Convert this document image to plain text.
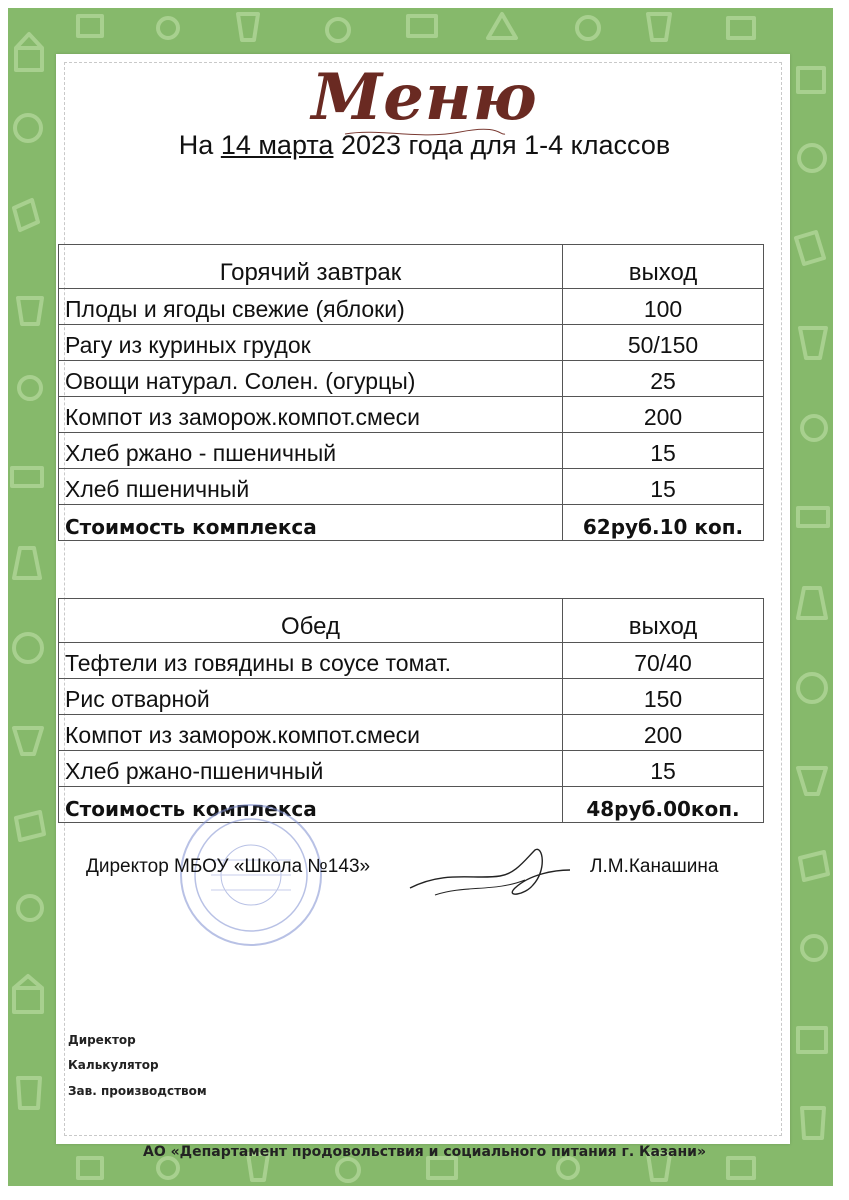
Меню
На 14 марта 2023 года для 1-4 классов
Горячий завтрак	выход
Плоды и ягоды свежие (яблоки)	100
Рагу из куриных грудок	50/150
Овощи натурал. Солен. (огурцы)	25
Компот из заморож.компот.смеси	200
Хлеб ржано - пшеничный	15
Хлеб пшеничный	15
Стоимость комплекса	62руб.10 коп.
Обед	выход
Тефтели из говядины в соусе томат.	70/40
Рис отварной	150
Компот из заморож.компот.смеси	200
Хлеб ржано-пшеничный	15
Стоимость комплекса	48руб.00коп.
Директор МБОУ «Школа №143»	Л.М.Канашина
Директор
Калькулятор
Зав. производством
АО «Департамент продовольствия и социального питания г. Казани»
